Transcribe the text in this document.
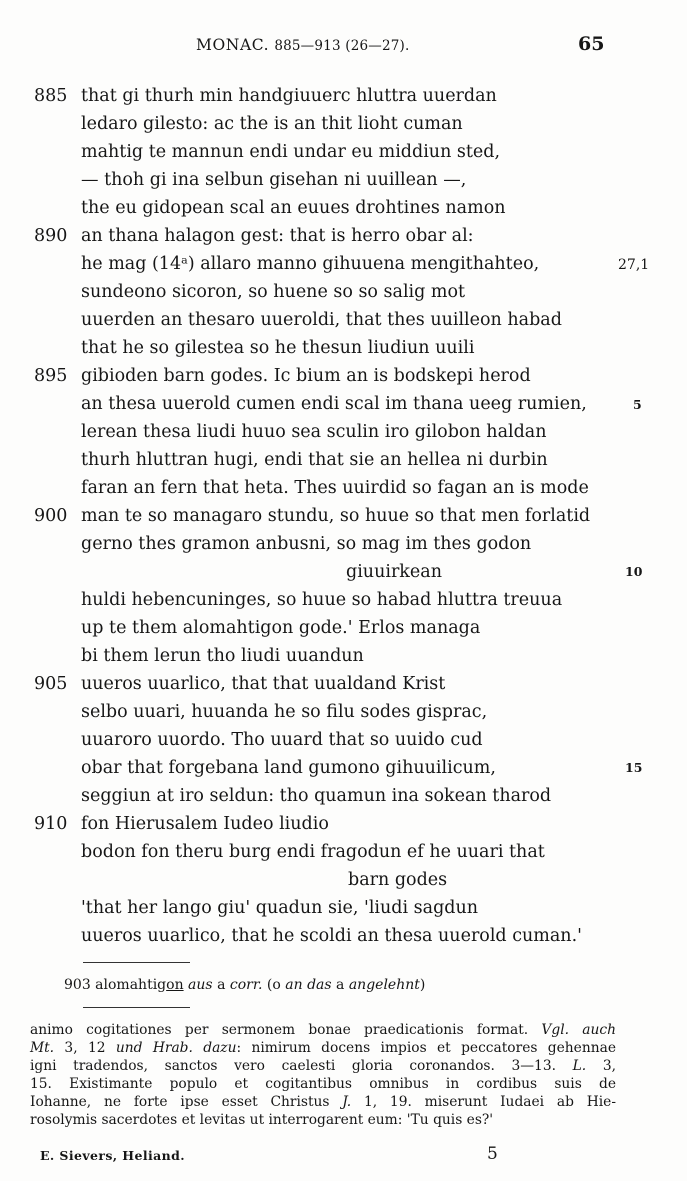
MONAC. 885—913 (26—27).	65
that gi thurh min handgiuuerc hluttra uuerdan
ledaro gilesto: ac the is an thit lioht cuman
mahtig te mannun endi undar eu middiun sted,
— thoh gi ina selbun gisehan ni uuillean —,
the eu gidopean scal an euues drohtines namon
an thana halagon gest: that is herro obar al:
he mag (14ᵃ) allaro manno gihuuena mengithahteo,
sundeono sicoron, so huene so so salig mot
uuerden an thesaro uueroldi, that thes uuilleon habad
that he so gilestea so he thesun liudiun uuili
gibioden barn godes. Ic bium an is bodskepi herod
an thesa uuerold cumen endi scal im thana ueeg rumien,
lerean thesa liudi huuo sea sculin iro gilobon haldan
thurh hluttran hugi, endi that sie an hellea ni durbin
faran an fern that heta. Thes uuirdid so fagan an is mode
man te so managaro stundu, so huue so that men forlatid
gerno thes gramon anbusni, so mag im thes godon
giuuirkean
huldi hebencuninges, so huue so habad hluttra treuua
up te them alomahtigon gode.' Erlos managa
bi them lerun tho liudi uuandun
uueros uuarlico, that that uualdand Krist
selbo uuari, huuanda he so filu sodes gisprac,
uuaroro uuordo. Tho uuard that so uuido cud
obar that forgebana land gumono gihuuilicum,
seggiun at iro seldun: tho quamun ina sokean tharod
fon Hierusalem Iudeo liudio
bodon fon theru burg endi fragodun ef he uuari that
barn godes
'that her lango giu' quadun sie, 'liudi sagdun
uueros uuarlico, that he scoldi an thesa uuerold cuman.'
885
890
895
900
905
910
27,1
5
10
15
903 alomahtigon aus a corr. (o an das a angelehnt)
animo cogitationes per sermonem bonae praedicationis format. Vgl. auch
Mt. 3, 12 und Hrab. dazu: nimirum docens impios et peccatores gehennae
igni tradendos, sanctos vero caelesti gloria coronandos. 3—13. L. 3,
15. Existimante populo et cogitantibus omnibus in cordibus suis de
Iohanne, ne forte ipse esset Christus J. 1, 19. miserunt Iudaei ab Hie-
rosolymis sacerdotes et levitas ut interrogarent eum: 'Tu quis es?'
E. Sievers, Heliand.	5
